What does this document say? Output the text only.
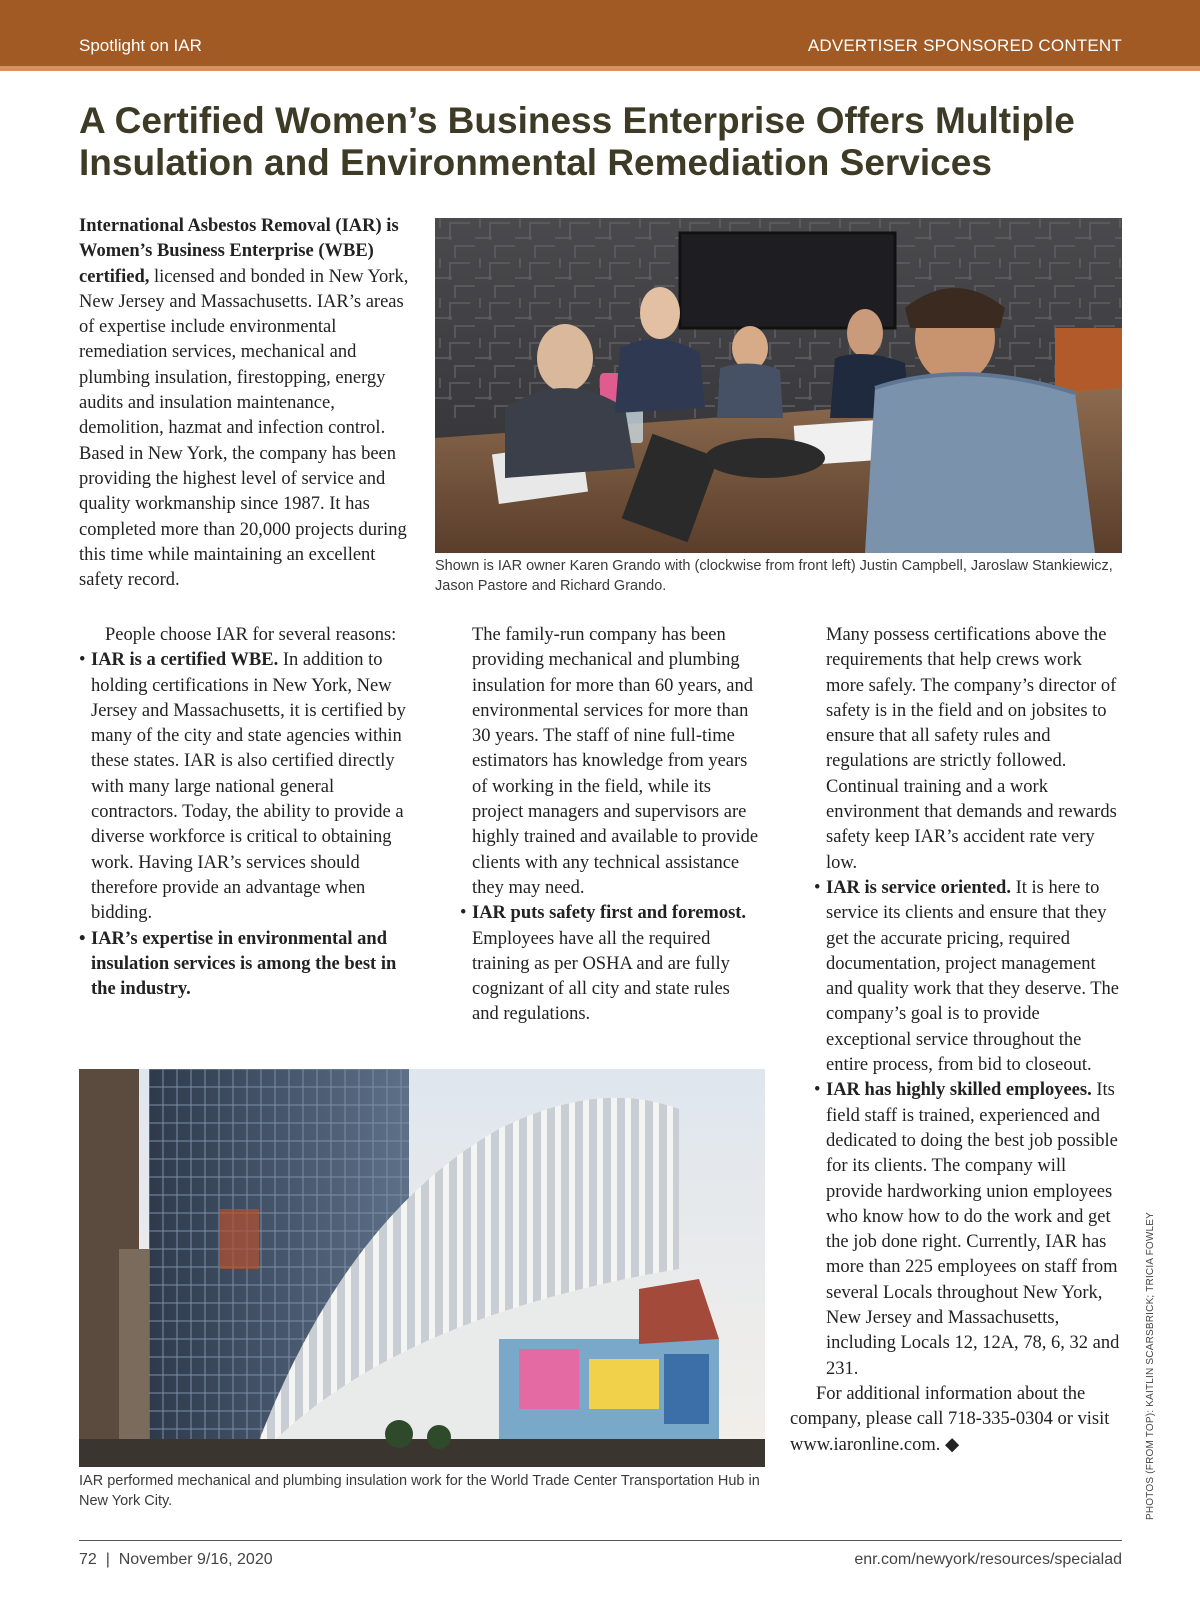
Spotlight on IAR	ADVERTISER SPONSORED CONTENT
A Certified Women’s Business Enterprise Offers Multiple Insulation and Environmental Remediation Services

International Asbestos Removal (IAR) is Women’s Business Enterprise (WBE) certified, licensed and bonded in New York, New Jersey and Massachusetts. IAR’s areas of expertise include environmental remediation services, mechanical and plumbing insulation, firestopping, energy audits and insulation maintenance, demolition, hazmat and infection control. Based in New York, the company has been providing the highest level of service and quality workmanship since 1987. It has completed more than 20,000 projects during this time while maintaining an excellent safety record.

Shown is IAR owner Karen Grando with (clockwise from front left) Justin Campbell, Jaroslaw Stankiewicz, Jason Pastore and Richard Grando.

People choose IAR for several reasons:

• IAR is a certified WBE. In addition to holding certifications in New York, New Jersey and Massachusetts, it is certified by many of the city and state agencies within these states. IAR is also certified directly with many large national general contractors. Today, the ability to provide a diverse workforce is critical to obtaining work. Having IAR’s services should therefore provide an advantage when bidding.

• IAR’s expertise in environmental and insulation services is among the best in the industry.

The family-run company has been providing mechanical and plumbing insulation for more than 60 years, and environmental services for more than 30 years. The staff of nine full-time estimators has knowledge from years of working in the field, while its project managers and supervisors are highly trained and available to provide clients with any technical assistance they may need.

• IAR puts safety first and foremost. Employees have all the required training as per OSHA and are fully cognizant of all city and state rules and regulations.

Many possess certifications above the requirements that help crews work more safely. The company’s director of safety is in the field and on jobsites to ensure that all safety rules and regulations are strictly followed. Continual training and a work environment that demands and rewards safety keep IAR’s accident rate very low.

• IAR is service oriented. It is here to service its clients and ensure that they get the accurate pricing, required documentation, project management and quality work that they deserve. The company’s goal is to provide exceptional service throughout the entire process, from bid to closeout.

• IAR has highly skilled employees. Its field staff is trained, experienced and dedicated to doing the best job possible for its clients. The company will provide hardworking union employees who know how to do the work and get the job done right. Currently, IAR has more than 225 employees on staff from several Locals throughout New York, New Jersey and Massachusetts, including Locals 12, 12A, 78, 6, 32 and 231.

For additional information about the company, please call 718-335-0304 or visit www.iaronline.com. ◆

IAR performed mechanical and plumbing insulation work for the World Trade Center Transportation Hub in New York City.	PHOTOS (FROM TOP): KAITLIN SCARSBRICK; TRICIA FOWLEY
72  |  November 9/16, 2020	enr.com/newyork/resources/specialad
